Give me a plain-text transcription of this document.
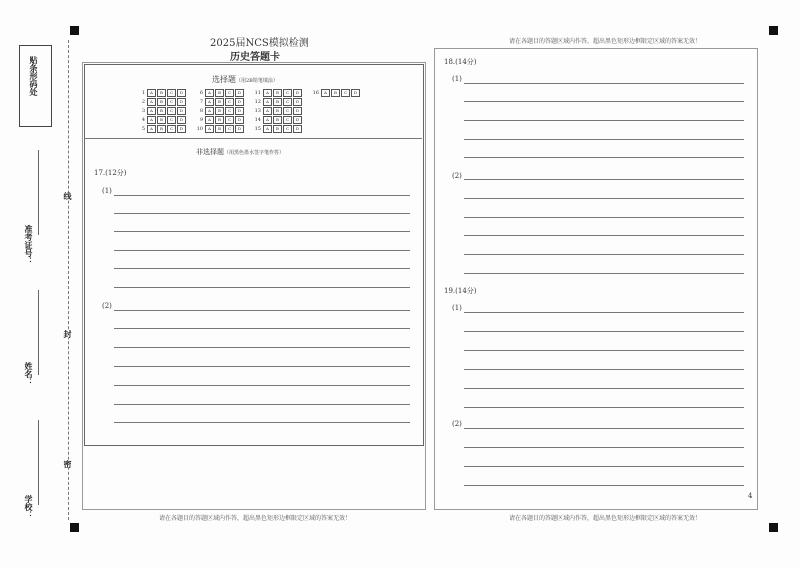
贴条形码处
准考证号：
姓名：
学校：
线
封
密
2025届NCS模拟检测
历史答题卡
选择题（用2B铅笔填涂）
1	A	B	C	D
2	A	B	C	D
3	A	B	C	D
4	A	B	C	D
5	A	B	C	D
6	A	B	C	D
7	A	B	C	D
8	A	B	C	D
9	A	B	C	D
10	A	B	C	D
11	A	B	C	D
12	A	B	C	D
13	A	B	C	D
14	A	B	C	D
15	A	B	C	D
16	A	B	C	D
非选择题（用黑色墨水签字笔作答）
17.(12分)
(1)
(2)
请在各题目的答题区域内作答，超出黑色矩形边框限定区域的答案无效！
请在各题目的答题区域内作答，超出黑色矩形边框限定区域的答案无效！
18.(14分)
(1)
(2)
19.(14分)
(1)
(2)
4
请在各题目的答题区域内作答，超出黑色矩形边框限定区域的答案无效！
